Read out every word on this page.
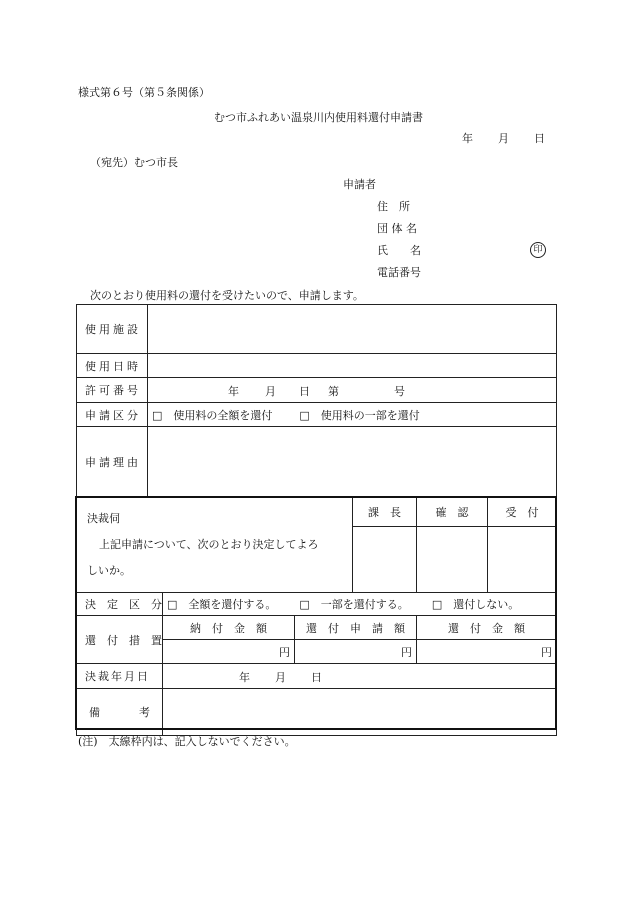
様式第６号（第５条関係）
むつ市ふれあい温泉川内使用料還付申請書
年 月 日
（宛先）むつ市長
申請者
住　所
団 体 名
氏　　名	印
電話番号
次のとおり使用料の還付を受けたいので、申請します。
使用施設	
使用日時	
許可番号	年 月 日 第 号

申請区分	□　使用料の全額を還付 □　使用料の一部を還付
申請理由	
決裁伺
上記申請について、次のとおり決定してよろ
しいか。			課　長	確　認	受　付

決　定　区　分	□　全額を還付する。 □　一部を還付する。 □　還付しない。				
還　付　措　置	納　付　金　額	還　付　申　請　額		還　付　金　額	
	円	円		円	
決裁年月日	年 月 日				

備 考					

(注)　太線枠内は、記入しないでください。
